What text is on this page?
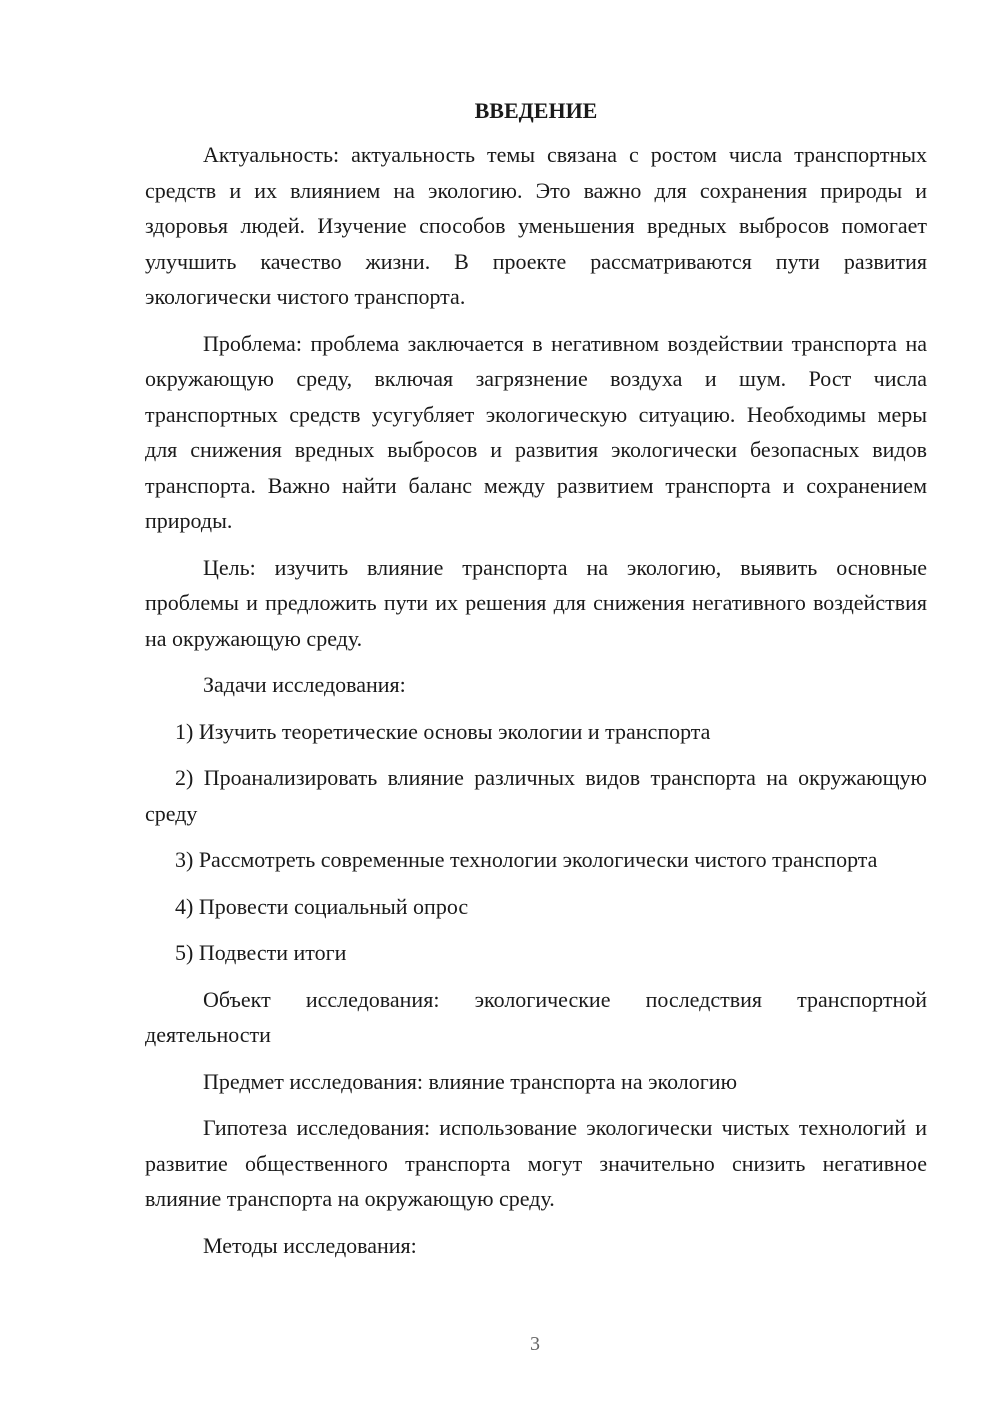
ВВЕДЕНИЕ

Актуальность: актуальность темы связана с ростом числа транспортных средств и их влиянием на экологию. Это важно для сохранения природы и здоровья людей. Изучение способов уменьшения вредных выбросов помогает улучшить качество жизни. В проекте рассматриваются пути развития экологически чистого транспорта.

Проблема: проблема заключается в негативном воздействии транспорта на окружающую среду, включая загрязнение воздуха и шум. Рост числа транспортных средств усугубляет экологическую ситуацию. Необходимы меры для снижения вредных выбросов и развития экологически безопасных видов транспорта. Важно найти баланс между развитием транспорта и сохранением природы.

Цель: изучить влияние транспорта на экологию, выявить основные проблемы и предложить пути их решения для снижения негативного воздействия на окружающую среду.

Задачи исследования:

1) Изучить теоретические основы экологии и транспорта

2) Проанализировать влияние различных видов транспорта на окружающую среду

3) Рассмотреть современные технологии экологически чистого транспорта

4) Провести социальный опрос

5) Подвести итоги

Объект исследования: экологические последствия транспортной деятельности

Предмет исследования: влияние транспорта на экологию

Гипотеза исследования: использование экологически чистых технологий и развитие общественного транспорта могут значительно снизить негативное влияние транспорта на окружающую среду.

Методы исследования:

3
